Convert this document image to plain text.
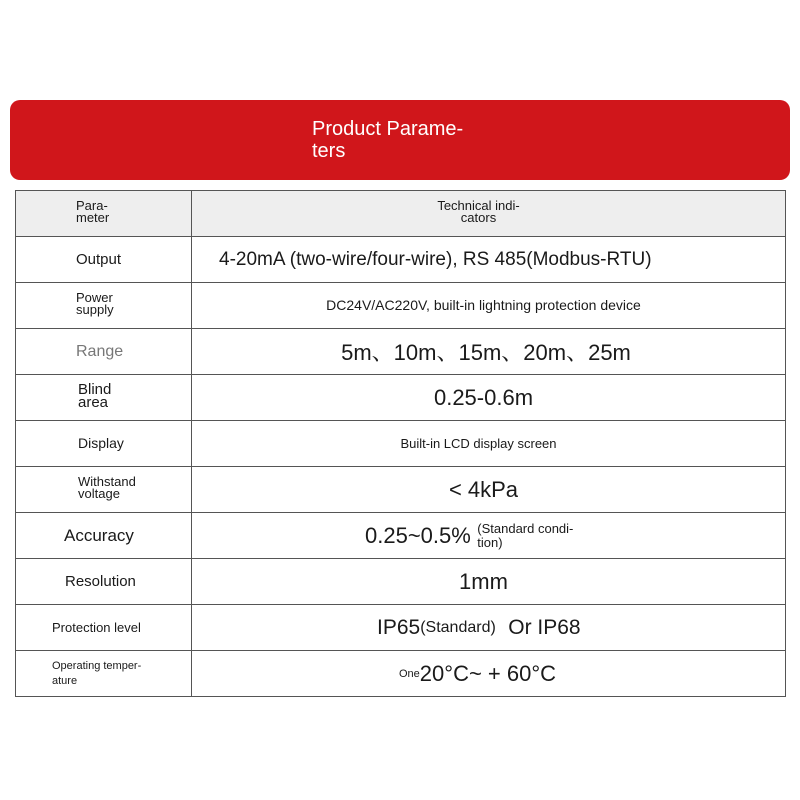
Product Parame-
ters
Para-
meter	Technical indi-
cators
Output	4-20mA (two-wire/four-wire), RS 485(Modbus-RTU)
Power
supply	DC24V/AC220V, built-in lightning protection device
Range	5m、10m、15m、20m、25m
Blind
area	0.25-0.6m
Display	Built-in LCD display screen
Withstand
voltage	< 4kPa
Accuracy	0.25~0.5% (Standard condi-
tion)
Resolution	1mm
Protection level	IP65(Standard) Or IP68
Operating temper-
ature	One20°C~ + 60°C
